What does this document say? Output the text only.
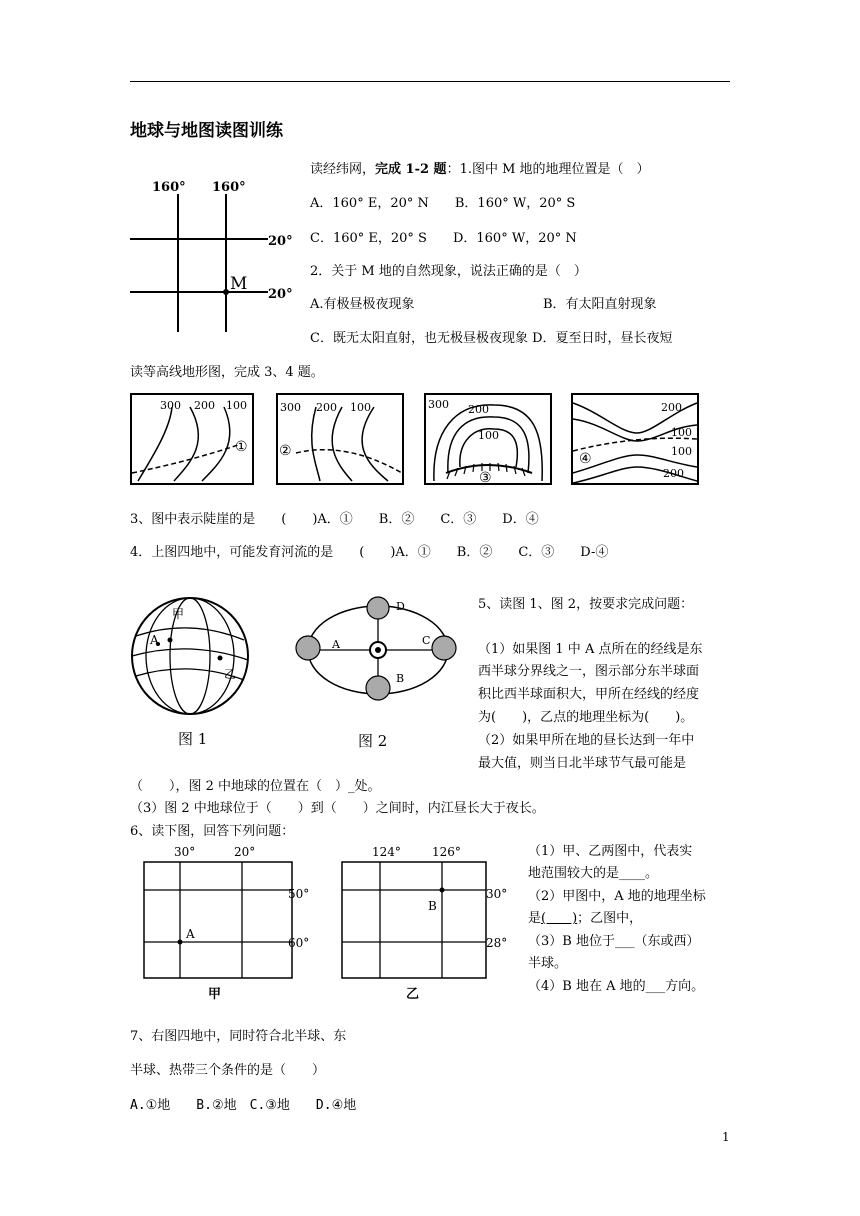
地球与地图读图训练
160° 160°
20°
20°
M
读经纬网，完成 1-2 题：1.图中 M 地的地理位置是（　）
A．160° E，20° N　　B．160° W，20° S
C．160° E，20° S　　D．160° W，20° N
2．关于 M 地的自然现象，说法正确的是（　）
A.有极昼极夜现象	B．有太阳直射现象
C．既无太阳直射，也无极昼极夜现象 D．夏至日时，昼长夜短
读等高线地形图，完成 3、4 题。
300 200 100
①
300 200 100
②
300 200
100
③
200
100
100
200
④
3、图中表示陡崖的是　　(　　)A．①　　B．②　　C．③　　D．④
4．上图四地中，可能发育河流的是　　(　　)A．①　　B．②　　C．③　　D-④
甲
A
乙
图 1
D
B
A	C
图 2
5、读图 1、图 2，按要求完成问题：
（1）如果图 1 中 A 点所在的经线是东
西半球分界线之一，图示部分东半球面
积比西半球面积大，甲所在经线的经度
为(　　)，乙点的地理坐标为(　　)。
（2）如果甲所在地的昼长达到一年中
最大值，则当日北半球节气最可能是
（　　），图 2 中地球的位置在（　）_处。
（3）图 2 中地球位于（　　）到（　　）之间时，内江昼长大于夜长。
6、读下图，回答下列问题：
30°	20°
50°
60°
A
甲
124°	126°
30°
28°
B
乙
（1）甲、乙两图中，代表实
地范围较大的是____。
（2）甲图中，A 地的地理坐标
是(　　)；乙图中，
（3）B 地位于___（东或西）
半球。
（4）B 地在 A 地的___方向。
7、右图四地中，同时符合北半球、东
半球、热带三个条件的是（　　）
A.①地　　B.②地　C.③地　　D.④地
1
